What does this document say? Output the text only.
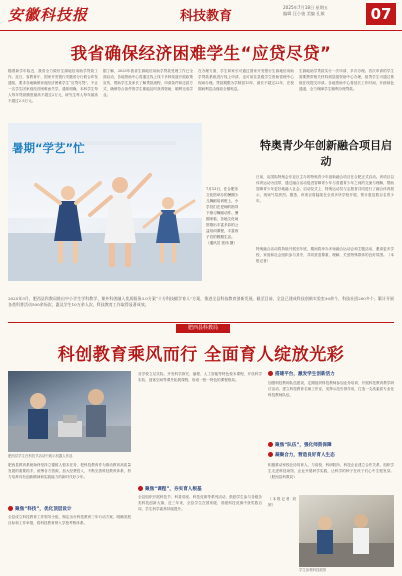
安徽科技报	科技教育
2025年7月18日 星期五
编辑 汪小骏 美编 孔敏	07
我省确保经济困难学生“应贷尽贷”
随着新学年临近，我省全力做好生源地信用助学贷款工作。近日，省教育厅、国家开发银行安徽省分行联合印发通知，要求各地确保家庭经济困难学生“应贷尽贷”，不让一名学生因家庭经济困难而失学。通知明确，本科学生每人每年贷款额度最高不超过2万元，研究生每人每年最高不超过2.5万元。
据了解，2025年我省生源地信用助学贷款受理工作已全面启动，各地资助中心将通过线上线下多种渠道开展政策宣传，帮助学生及家长了解贷款流程、申请条件和还款方式，确保符合条件的学生都能及时获得资助，顺利完成学业。
在办理方面，学生和家长可通过国家开发银行生源地信用助学贷款系统进行线上申请，也可前往县级学生资助管理中心现场办理。贷款期限为学制加15年，最长不超过22年，在校期间利息由财政全额贴息。
生源地助学贷款实行一次申请、多次办理。首次申请的学生需要携带相关材料到县级资助中心办理，续贷学生可通过系统在线提交申请。各地资助中心将延长工作时间，开辟绿色通道，全力保障学生顺利办理贷款。
暑期“学艺”忙
7月13日，在合肥市文化馆举办的暑期少儿舞蹈培训班上，小学员们在老师的指导下练习舞蹈动作。暑期来临，各地文化场馆推出丰富多彩的公益培训课程，丰富孩子们的假期生活。（通讯员 张伟 摄）
特奥青少年创新融合项目启动
日前，由国际特奥会东亚区主办的特奥青少年创新融合项目在合肥正式启动。该项目以体育运动为纽带，通过融合活动促进智障青少年与普通青少年之间的交流与理解，帮助智障青少年更好地融入社会。启动仪式上，特奥运动员与志愿者共同进行了融合体育展示，现场气氛热烈。据悉，该项目将陆续在全省多所学校开展，预计惠及数百名青少年。
特奥融合活动将持续开展至年底，期间将举办多场融合运动会和主题活动，邀请更多学校、家庭和社会组织参与其中，共同营造尊重、理解、关爱特殊群体的良好氛围。（本报记者）
2025年3月，肥西县科教局推出中小学生学科教学、课外科创融入优质服务3.0方案“十方科技赋学育人”方案，推进全县科技教育创新发展。截至目前，全县已建成科技创新实验室30余个，科技社团200多个，累计开展各类科普活动500余场次，惠及学生10万余人次，科技教育工作取得显著成效。
肥西县科教局
科创教育乘风而行 全面育人绽放光彩
肥西县学生在科技节活动中展示机器人作品
肥西县教育系统始终坚持立德树人根本任务，把科技教育作为推动教育高质量发展的重要抓手，统筹各方资源，加大经费投入，不断完善科技教育体系，努力培养具有创新精神和实践能力的新时代好少年。
聚焦“科技”，优化顶层设计
全县成立科技教育工作领导小组，制定出台科技教育三年行动方案，明确发展目标和工作举措，将科技教育纳入学校考核体系。
各学校立足实际，开发科学探究、编程、人工智能等特色校本课程，开设科学实验、创客空间等课外拓展课程，形成一校一特色的课程格局。
聚焦“课程”，夯实育人根基
全县组织开展科技节、科普讲座、科技竞赛等系列活动，鼓励学生参与各级各类科技创新大赛，近三年来，全县学生在国家级、省级科技竞赛中获奖数百项，学生科学素养持续提升。
搭建平台，激发学生创新活力
加强科技教师队伍建设，定期组织科技教师参加业务培训，开展科技教育教学研讨活动，建立科技教育名师工作室，发挥示范引领作用，打造一支高素质专业化科技教师队伍。
聚焦“队伍”，强化师资保障
凝聚合力，营造良好育人生态
积极推动家校社协同育人，与高校、科研院所、科技企业建立合作关系，组织学生走进科技场馆、企业开展研学实践，让科学的种子在孩子们心中生根发芽。（肥西县科教局）
（本报记者 刘婷）
学生参观科技展馆
